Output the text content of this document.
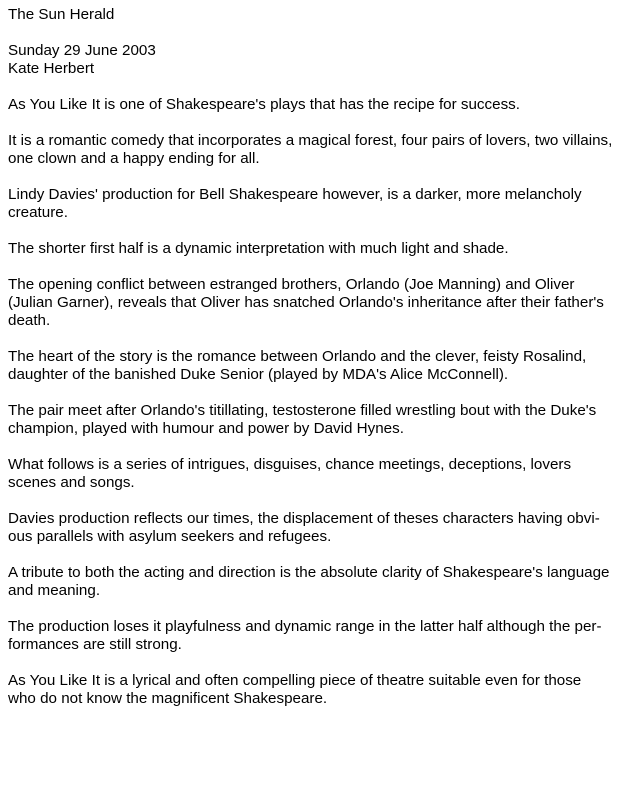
The Sun Herald

Sunday 29 June 2003
Kate Herbert

As You Like It is one of Shakespeare's plays that has the recipe for success.

It is a romantic comedy that incorporates a magical forest, four pairs of lovers, two villains,
one clown and a happy ending for all.

Lindy Davies' production for Bell Shakespeare however, is a darker, more melancholy
creature.

The shorter first half is a dynamic interpretation with much light and shade.

The opening conflict between estranged brothers, Orlando (Joe Manning) and Oliver
(Julian Garner), reveals that Oliver has snatched Orlando's inheritance after their father's
death.

The heart of the story is the romance between Orlando and the clever, feisty Rosalind,
daughter of the banished Duke Senior (played by MDA's Alice McConnell).

The pair meet after Orlando's titillating, testosterone filled wrestling bout with the Duke's
champion, played with humour and power by David Hynes.

What follows is a series of intrigues, disguises, chance meetings, deceptions, lovers
scenes and songs.

Davies production reflects our times, the displacement of theses characters having obvi-
ous parallels with asylum seekers and refugees.

A tribute to both the acting and direction is the absolute clarity of Shakespeare's language
and meaning.

The production loses it playfulness and dynamic range in the latter half although the per-
formances are still strong.

As You Like It is a lyrical and often compelling piece of theatre suitable even for those
who do not know the magnificent Shakespeare.
